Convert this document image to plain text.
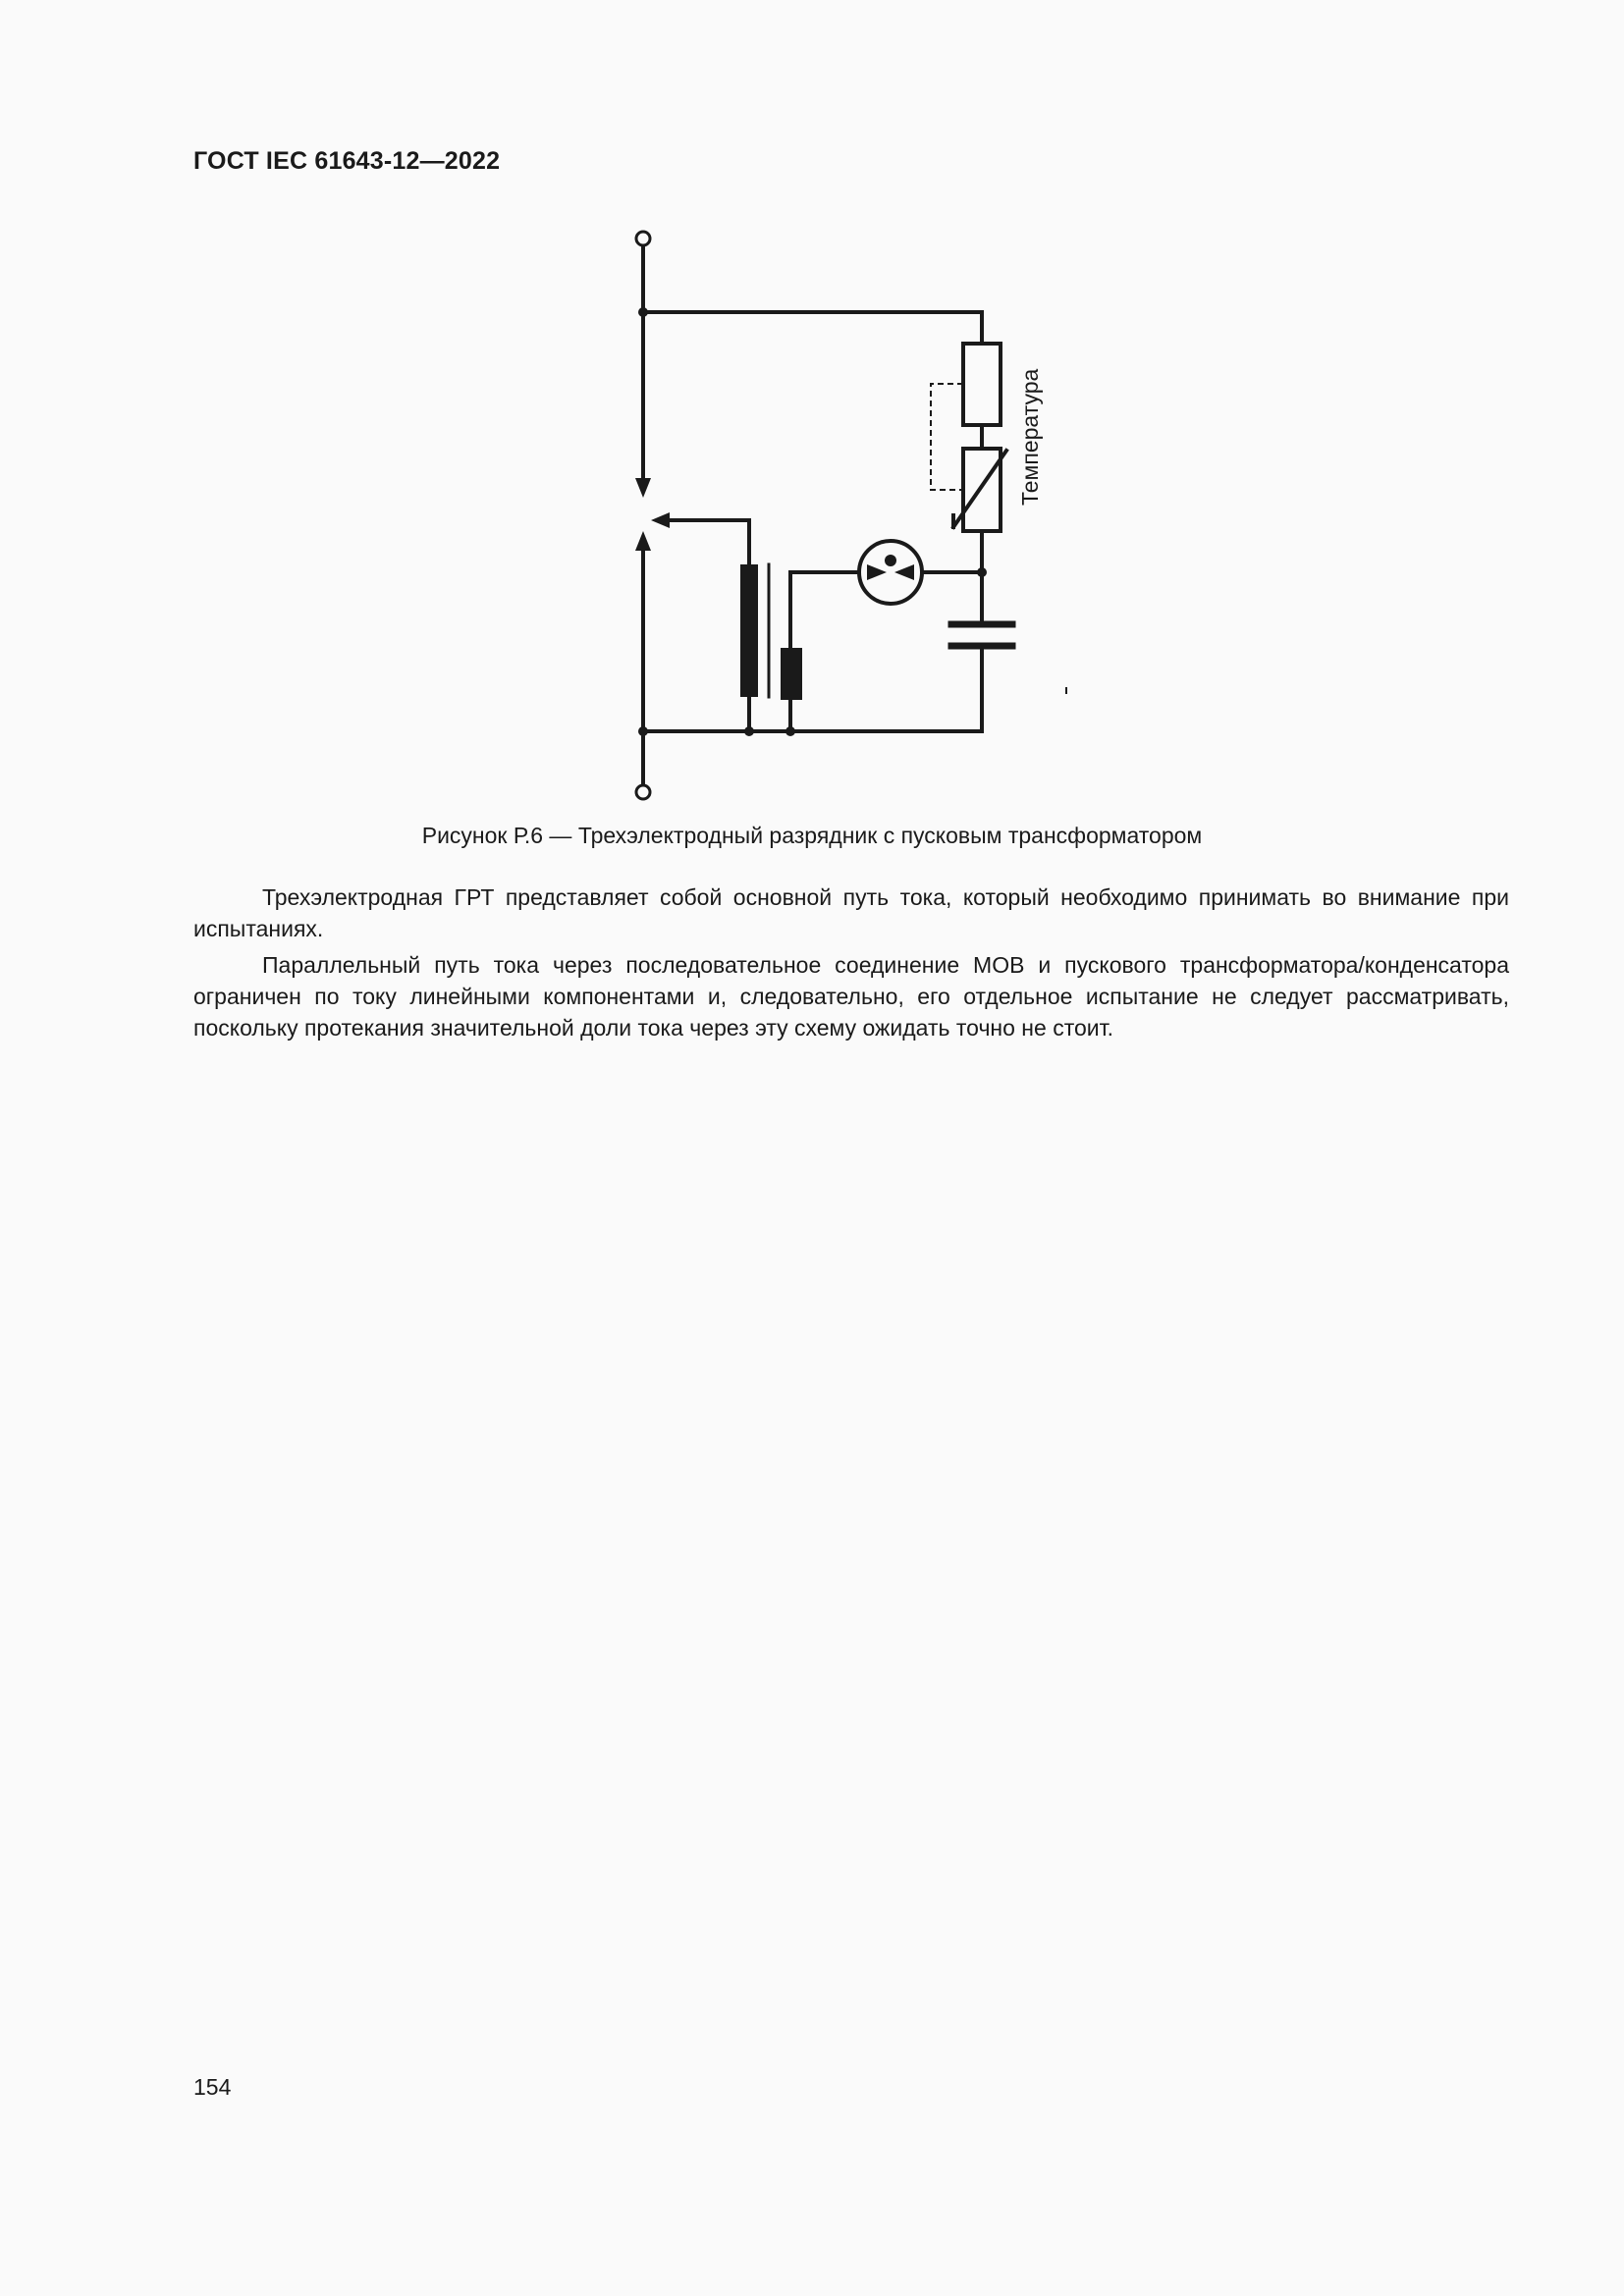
ГОСТ IEC 61643-12—2022
Температура
Рисунок Р.6 — Трехэлектродный разрядник с пусковым трансформатором

Трехэлектродная ГРТ представляет собой основной путь тока, который необходимо принимать во внимание при испытаниях.

Параллельный путь тока через последовательное соединение МОВ и пускового трансформатора/конденсатора ограничен по току линейными компонентами и, следовательно, его отдельное испытание не следует рассматривать, поскольку протекания значительной доли тока через эту схему ожидать точно не стоит.

154
